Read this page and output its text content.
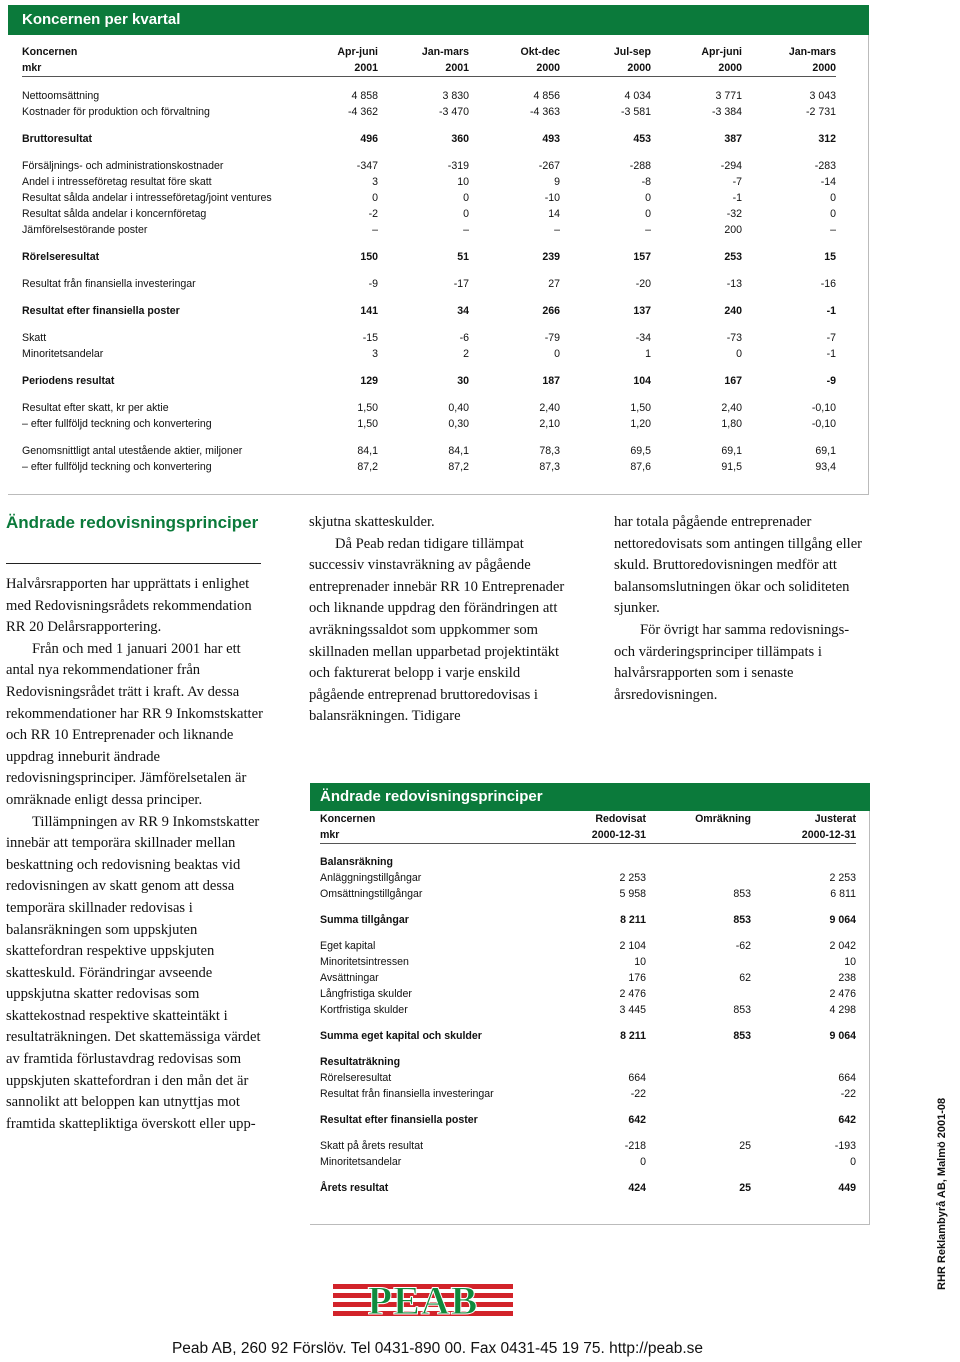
Koncernen per kvartal
Koncernen	Apr-juni	Jan-mars	Okt-dec	Jul-sep	Apr-juni	Jan-mars
mkr	2001	2001	2000	2000	2000	2000

Nettoomsättning	4 858	3 830	4 856	4 034	3 771	3 043
Kostnader för produktion och förvaltning	-4 362	-3 470	-4 363	-3 581	-3 384	-2 731

Bruttoresultat	496	360	493	453	387	312

Försäljnings- och administrationskostnader	-347	-319	-267	-288	-294	-283
Andel i intresseföretag resultat före skatt	3	10	9	-8	-7	-14
Resultat sålda andelar i intresseföretag/joint ventures	0	0	-10	0	-1	0
Resultat sålda andelar i koncernföretag	-2	0	14	0	-32	0
Jämförelsestörande poster	–	–	–	–	200	–

Rörelseresultat	150	51	239	157	253	15

Resultat från finansiella investeringar	-9	-17	27	-20	-13	-16

Resultat efter finansiella poster	141	34	266	137	240	-1

Skatt	-15	-6	-79	-34	-73	-7
Minoritetsandelar	3	2	0	1	0	-1

Periodens resultat	129	30	187	104	167	-9

Resultat efter skatt, kr per aktie	1,50	0,40	2,40	1,50	2,40	-0,10
– efter fullföljd teckning och konvertering	1,50	0,30	2,10	1,20	1,80	-0,10

Genomsnittligt antal utestående aktier, miljoner	84,1	84,1	78,3	69,5	69,1	69,1
– efter fullföljd teckning och konvertering	87,2	87,2	87,3	87,6	91,5	93,4
Ändrade redovisningsprinciper

Halvårsrapporten har upprättats i enlighet med Redovisningsrådets rekommendation RR 20 Delårsrapportering.

Från och med 1 januari 2001 har ett antal nya rekommendationer från Redovisningsrådet trätt i kraft. Av dessa rekommendationer har RR 9 Inkomstskatter och RR 10 Entreprenader och liknande uppdrag inneburit ändrade redovisningsprinciper. Jämförelsetalen är omräknade enligt dessa principer.

Tillämpningen av RR 9 Inkomstskatter innebär att temporära skillnader mellan beskattning och redovisning beaktas vid redovisningen av skatt genom att dessa temporära skillnader redovisas i balansräkningen som uppskjuten skattefordran respektive uppskjuten skatteskuld. Förändringar avseende uppskjutna skatter redovisas som skattekostnad respektive skatteintäkt i resultaträkningen. Det skattemässiga värdet av framtida förlustavdrag redovisas som uppskjuten skattefordran i den mån det är sannolikt att beloppen kan utnyttjas mot framtida skattepliktiga överskott eller upp-

skjutna skatteskulder.

Då Peab redan tidigare tillämpat successiv vinstavräkning av pågående entreprenader innebär RR 10 Entreprenader och liknande uppdrag den förändringen att avräkningssaldot som uppkommer som skillnaden mellan upparbetad projektintäkt och fakturerat belopp i varje enskild pågående entreprenad bruttoredovisas i balansräkningen. Tidigare

har totala pågående entreprenader nettoredovisats som antingen tillgång eller skuld. Bruttoredovisningen medför att balansomslutningen ökar och soliditeten sjunker.

För övrigt har samma redovisnings- och värderingsprinciper tillämpats i halvårsrapporten som i senaste årsredovisningen.

Ändrade redovisningsprinciper
Koncernen	Redovisat	Omräkning	Justerat
mkr	2000-12-31		2000-12-31

Balansräkning			
Anläggningstillgångar	2 253		2 253
Omsättningstillgångar	5 958	853	6 811

Summa tillgångar	8 211	853	9 064

Eget kapital	2 104	-62	2 042
Minoritetsintressen	10		10
Avsättningar	176	62	238
Långfristiga skulder	2 476		2 476
Kortfristiga skulder	3 445	853	4 298

Summa eget kapital och skulder	8 211	853	9 064

Resultaträkning			
Rörelseresultat	664		664
Resultat från finansiella investeringar	-22		-22

Resultat efter finansiella poster	642		642

Skatt på årets resultat	-218	25	-193
Minoritetsandelar	0		0

Årets resultat	424	25	449
PEAB
Peab AB, 260 92 Förslöv. Tel 0431-890 00. Fax 0431-45 19 75. http://peab.se
RHR Reklambyrå AB, Malmö 2001-08
